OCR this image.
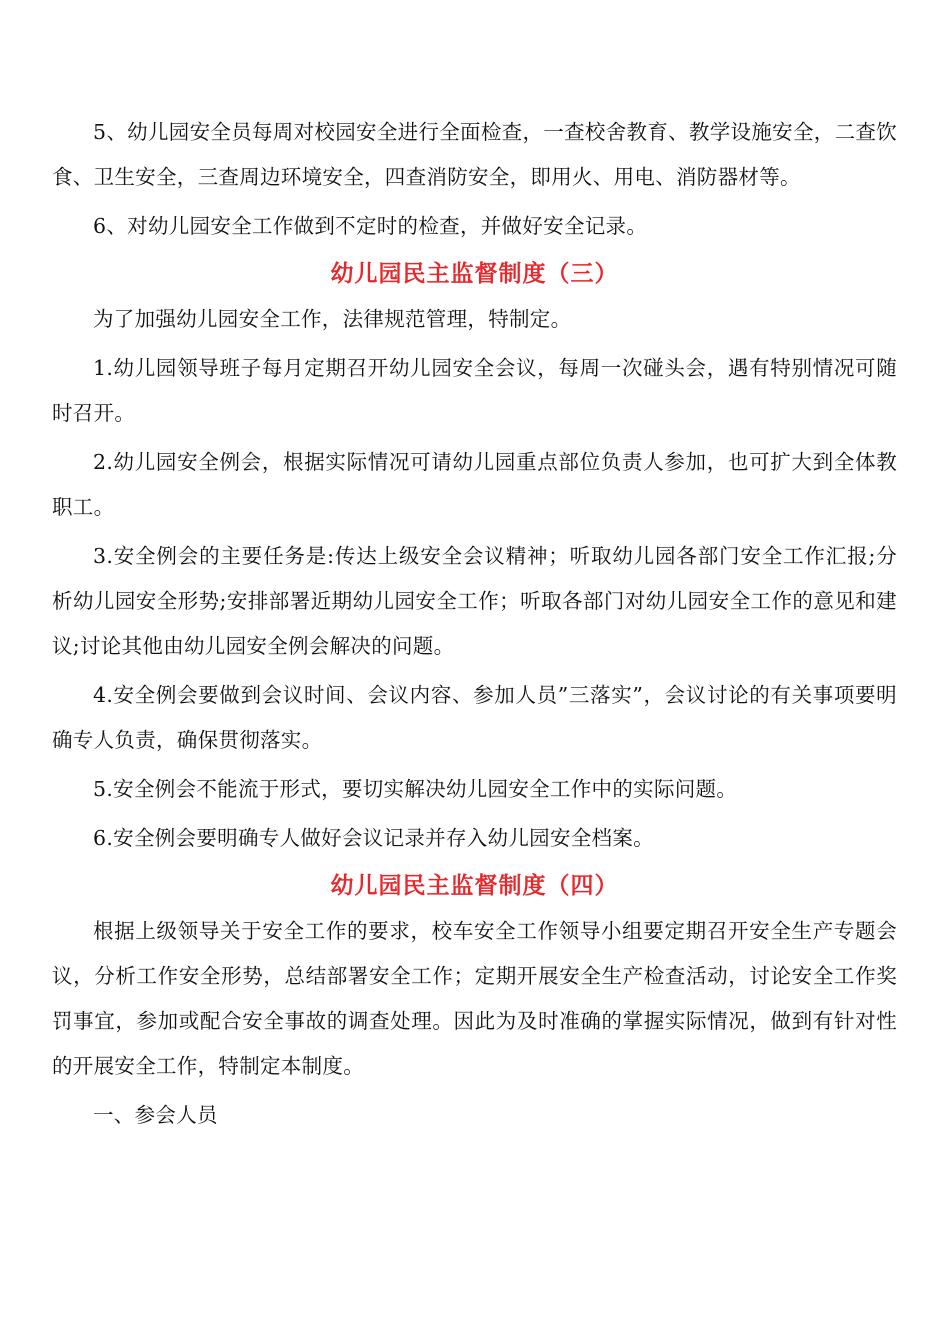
5、幼儿园安全员每周对校园安全进行全面检查，一查校舍教育、教学设施安全，二查饮食、卫生安全，三查周边环境安全，四查消防安全，即用火、用电、消防器材等。

6、对幼儿园安全工作做到不定时的检查，并做好安全记录。

幼儿园民主监督制度（三）

为了加强幼儿园安全工作，法律规范管理，特制定。

1.幼儿园领导班子每月定期召开幼儿园安全会议，每周一次碰头会，遇有特别情况可随时召开。

2.幼儿园安全例会，根据实际情况可请幼儿园重点部位负责人参加，也可扩大到全体教职工。

3.安全例会的主要任务是:传达上级安全会议精神；听取幼儿园各部门安全工作汇报;分析幼儿园安全形势;安排部署近期幼儿园安全工作；听取各部门对幼儿园安全工作的意见和建议;讨论其他由幼儿园安全例会解决的问题。

4.安全例会要做到会议时间、会议内容、参加人员”三落实”，会议讨论的有关事项要明确专人负责，确保贯彻落实。

5.安全例会不能流于形式，要切实解决幼儿园安全工作中的实际问题。

6.安全例会要明确专人做好会议记录并存入幼儿园安全档案。

幼儿园民主监督制度（四）

根据上级领导关于安全工作的要求，校车安全工作领导小组要定期召开安全生产专题会议，分析工作安全形势，总结部署安全工作；定期开展安全生产检查活动，讨论安全工作奖罚事宜，参加或配合安全事故的调查处理。因此为及时准确的掌握实际情况，做到有针对性的开展安全工作，特制定本制度。

一、参会人员
